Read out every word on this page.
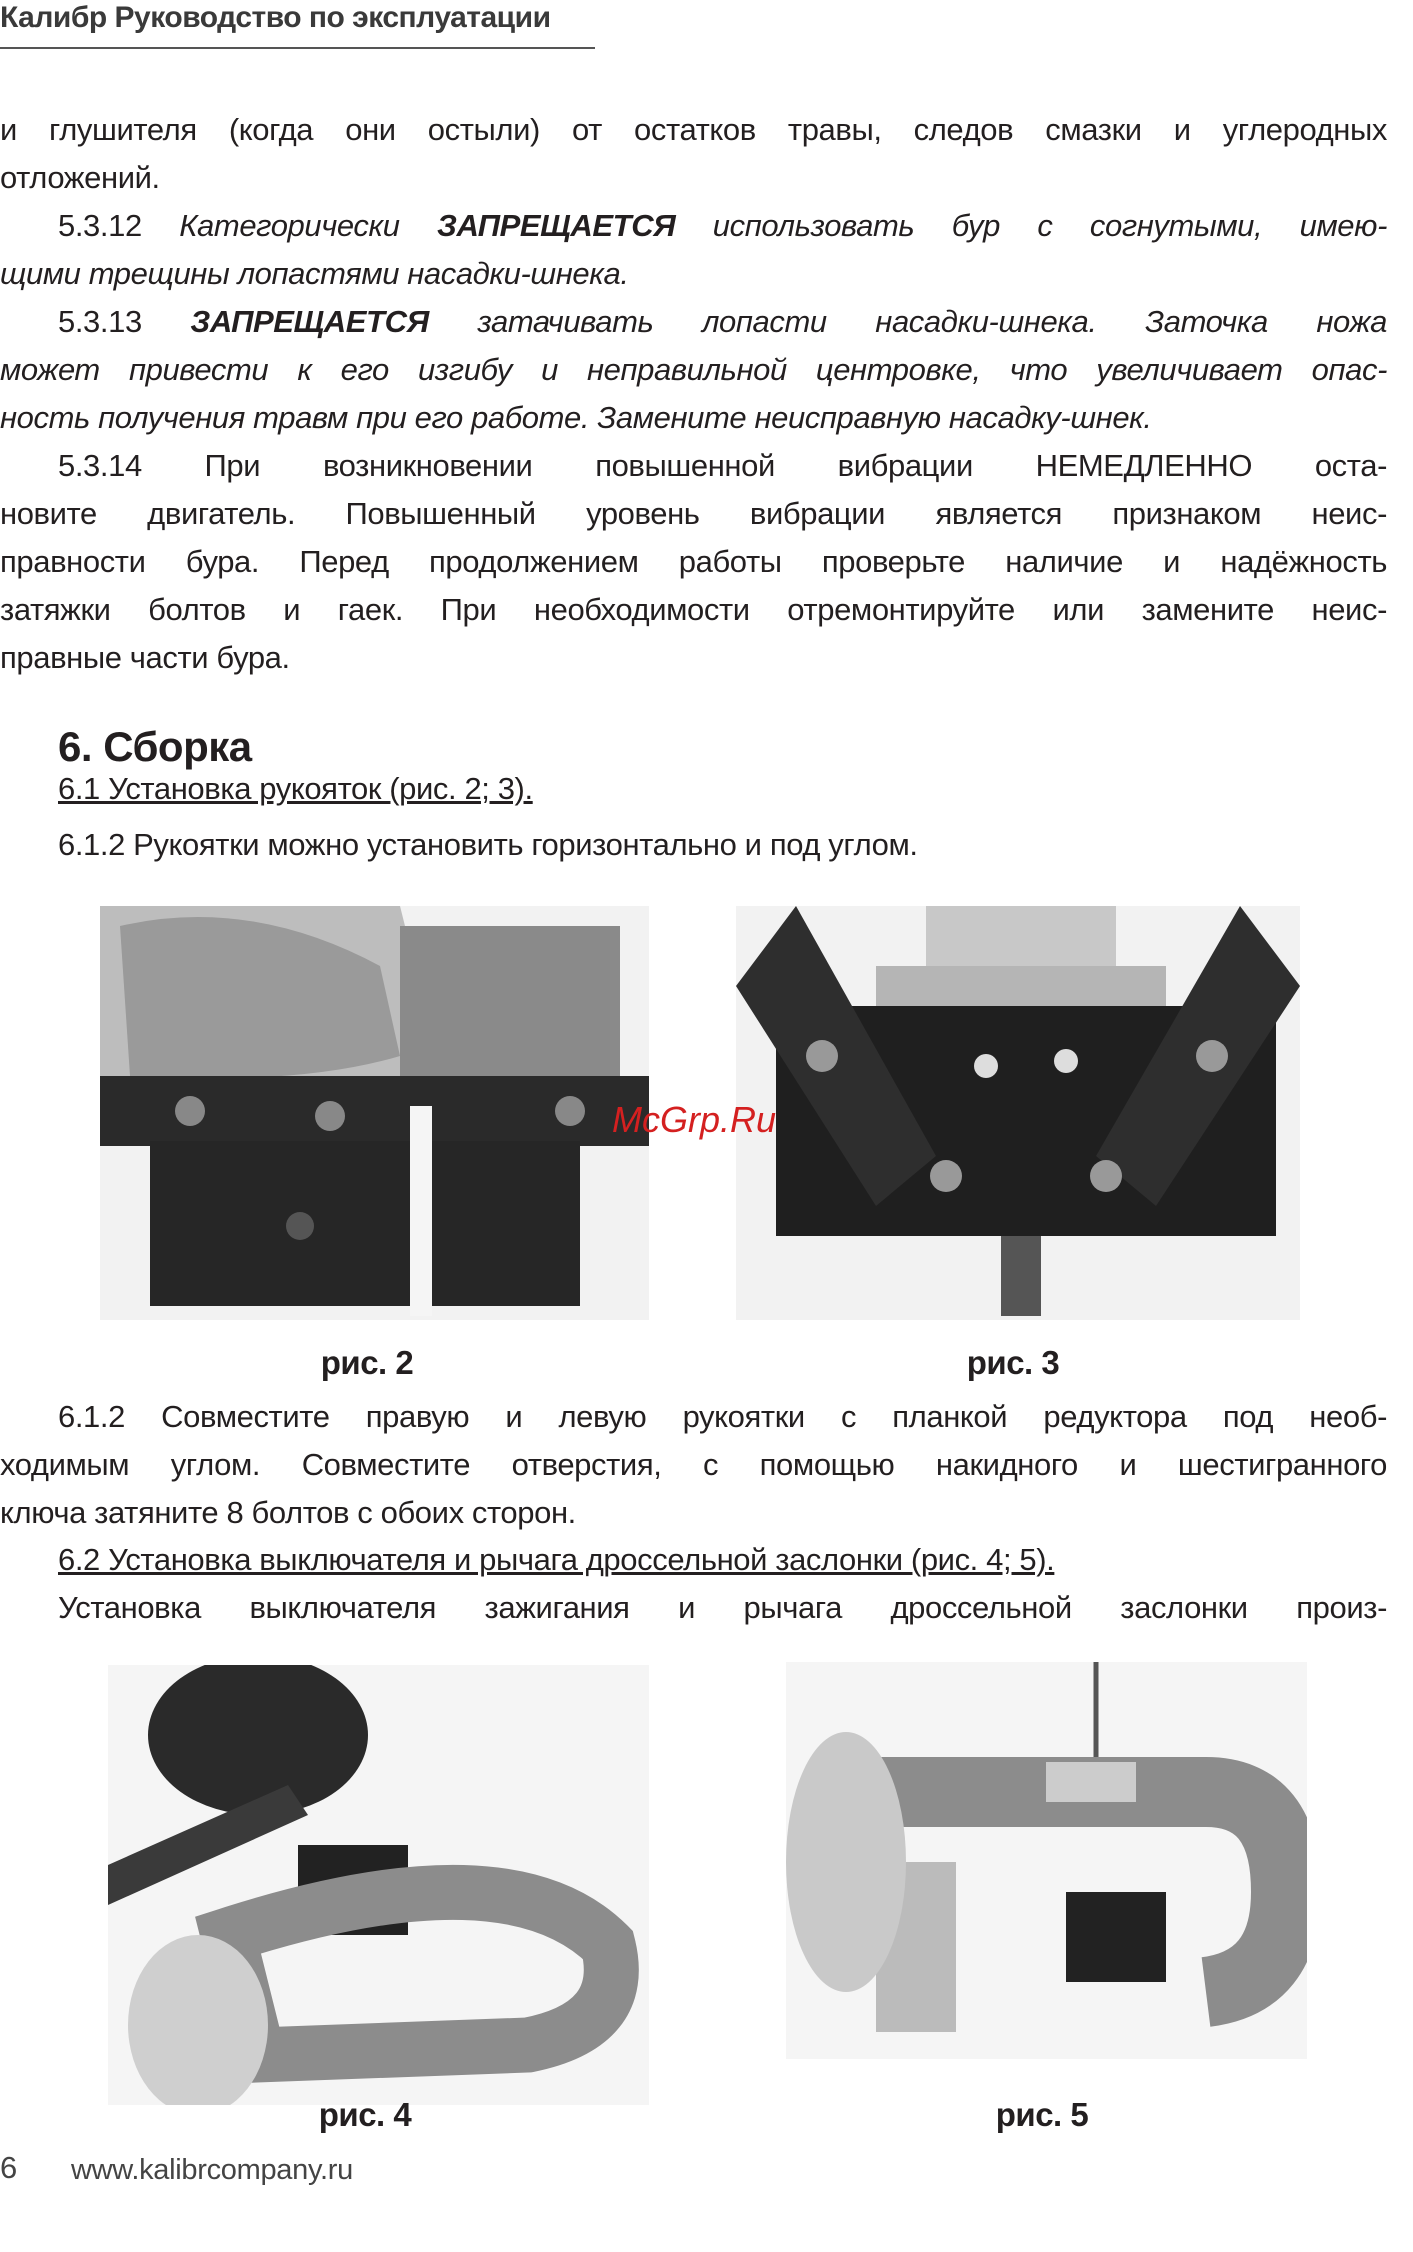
Калибр Руководство по эксплуатации
и глушителя (когда они остыли) от остатков травы, следов смазки и углеродных
отложений.
5.3.12 Категорически ЗАПРЕЩАЕТСЯ использовать бур с согнутыми, имею-
щими трещины лопастями насадки-шнека.
5.3.13 ЗАПРЕЩАЕТСЯ затачивать лопасти насадки-шнека. Заточка ножа
может привести к его изгибу и неправильной центровке, что увеличивает опас-
ность получения травм при его работе. Замените неисправную насадку-шнек.
5.3.14 При возникновении повышенной вибрации НЕМЕДЛЕННО оста-
новите двигатель. Повышенный уровень вибрации является признаком неис-
правности бура. Перед продолжением работы проверьте наличие и надёжность
затяжки болтов и гаек. При необходимости отремонтируйте или замените неис-
правные части бура.
6.1 Установка рукояток (рис. 2; 3).
6.1.2 Рукоятки можно установить горизонтально и под углом.
6.1.2 Совместите правую и левую рукоятки с планкой редуктора под необ-
ходимым углом. Совместите отверстия, с помощью накидного и шестигранного
ключа затяните 8 болтов с обоих сторон.
6.2 Установка выключателя и рычага дроссельной заслонки (рис. 4; 5).
Установка выключателя зажигания и рычага дроссельной заслонки произ-
6. Сборка
McGrp.Ru
рис. 2	рис. 3
рис. 4	рис. 5
6 www.kalibrcompany.ru
